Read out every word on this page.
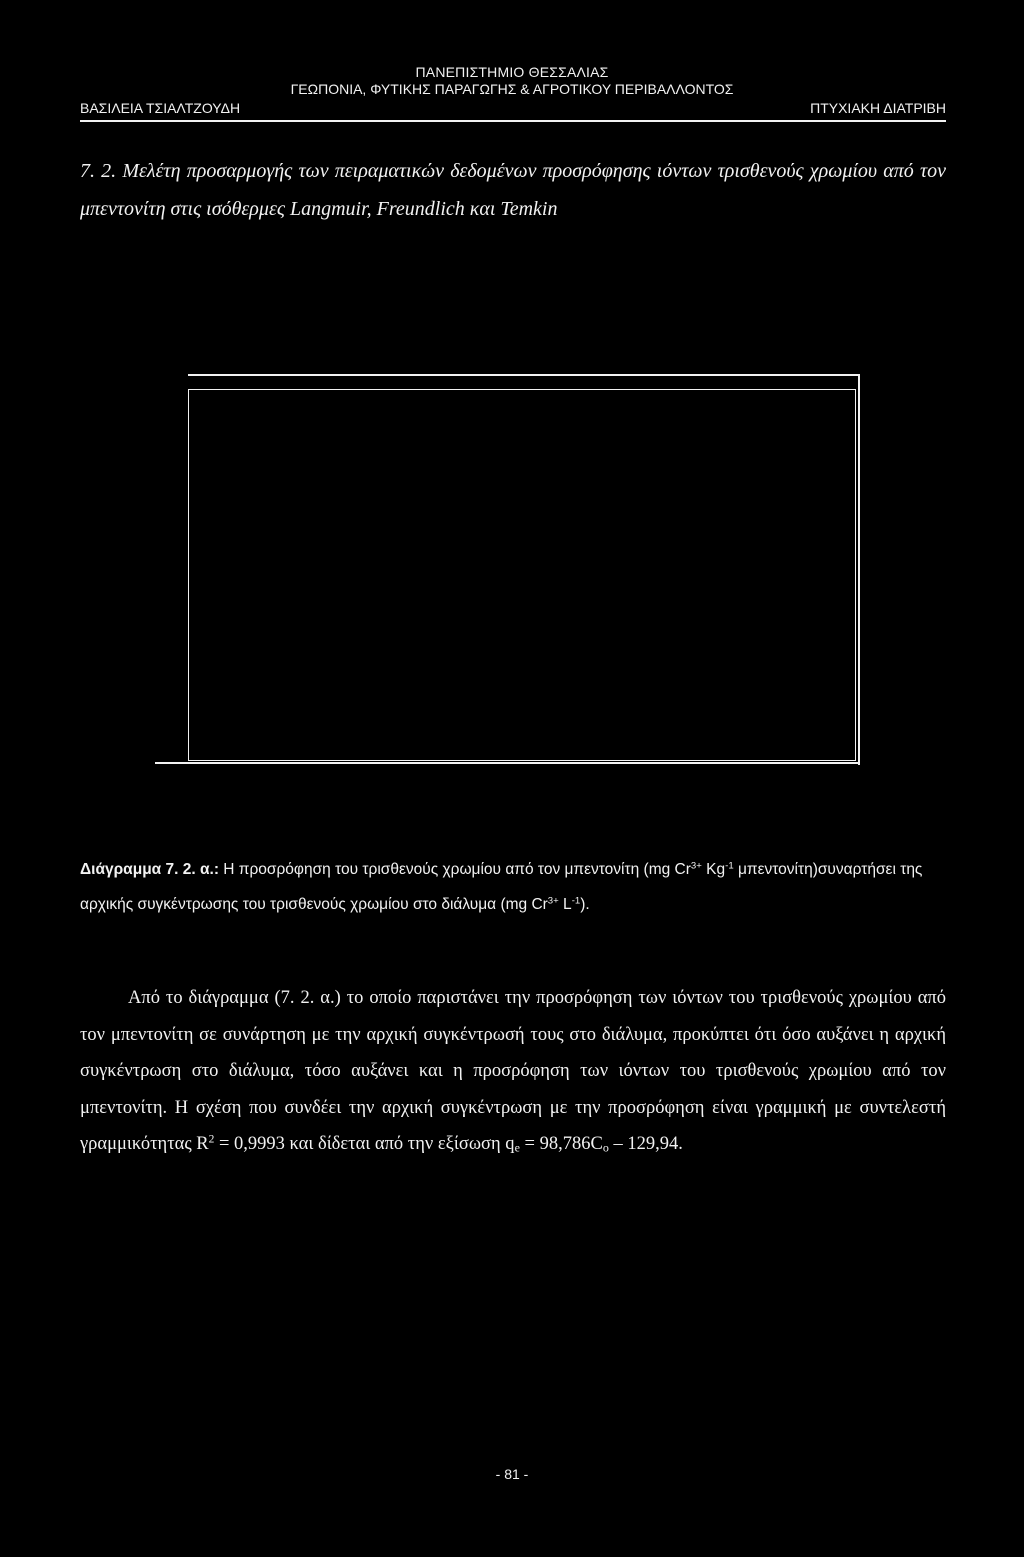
ΠΑΝΕΠΙΣΤΗΜΙΟ ΘΕΣΣΑΛΙΑΣ
ΓΕΩΠΟΝΙΑ, ΦΥΤΙΚΗΣ ΠΑΡΑΓΩΓΗΣ & ΑΓΡΟΤΙΚΟΥ ΠΕΡΙΒΑΛΛΟΝΤΟΣ
ΒΑΣΙΛΕΙΑ ΤΣΙΑΛΤΖΟΥΔΗ	ΠΤΥΧΙΑΚΗ ΔΙΑΤΡΙΒΗ
7. 2. Μελέτη προσαρμογής των πειραματικών δεδομένων προσρόφησης ιόντων τρισθενούς χρωμίου από τον μπεντονίτη στις ισόθερμες Langmuir, Freundlich και Temkin
Διάγραμμα 7. 2. α.: Η προσρόφηση του τρισθενούς χρωμίου από τον μπεντονίτη (mg $Cr^{3+}$ $Kg^{-1}$ μπεντονίτη)συναρτήσει της αρχικής συγκέντρωσης του τρισθενούς χρωμίου στο διάλυμα (mg $Cr^{3+}$ $L^{-1}$).
Από το διάγραμμα (7. 2. α.) το οποίο παριστάνει την προσρόφηση των ιόντων του τρισθενούς χρωμίου από τον μπεντονίτη σε συνάρτηση με την αρχική συγκέντρωσή τους στο διάλυμα, προκύπτει ότι όσο αυξάνει η αρχική συγκέντρωση στο διάλυμα, τόσο αυξάνει και η προσρόφηση των ιόντων του τρισθενούς χρωμίου από τον μπεντονίτη. Η σχέση που συνδέει την αρχική συγκέντρωση με την προσρόφηση είναι γραμμική με συντελεστή γραμμικότητας $R^2 = 0,9993$ και δίδεται από την εξίσωση $q_e = 98,786C_o - 129,94$.
- 81 -
